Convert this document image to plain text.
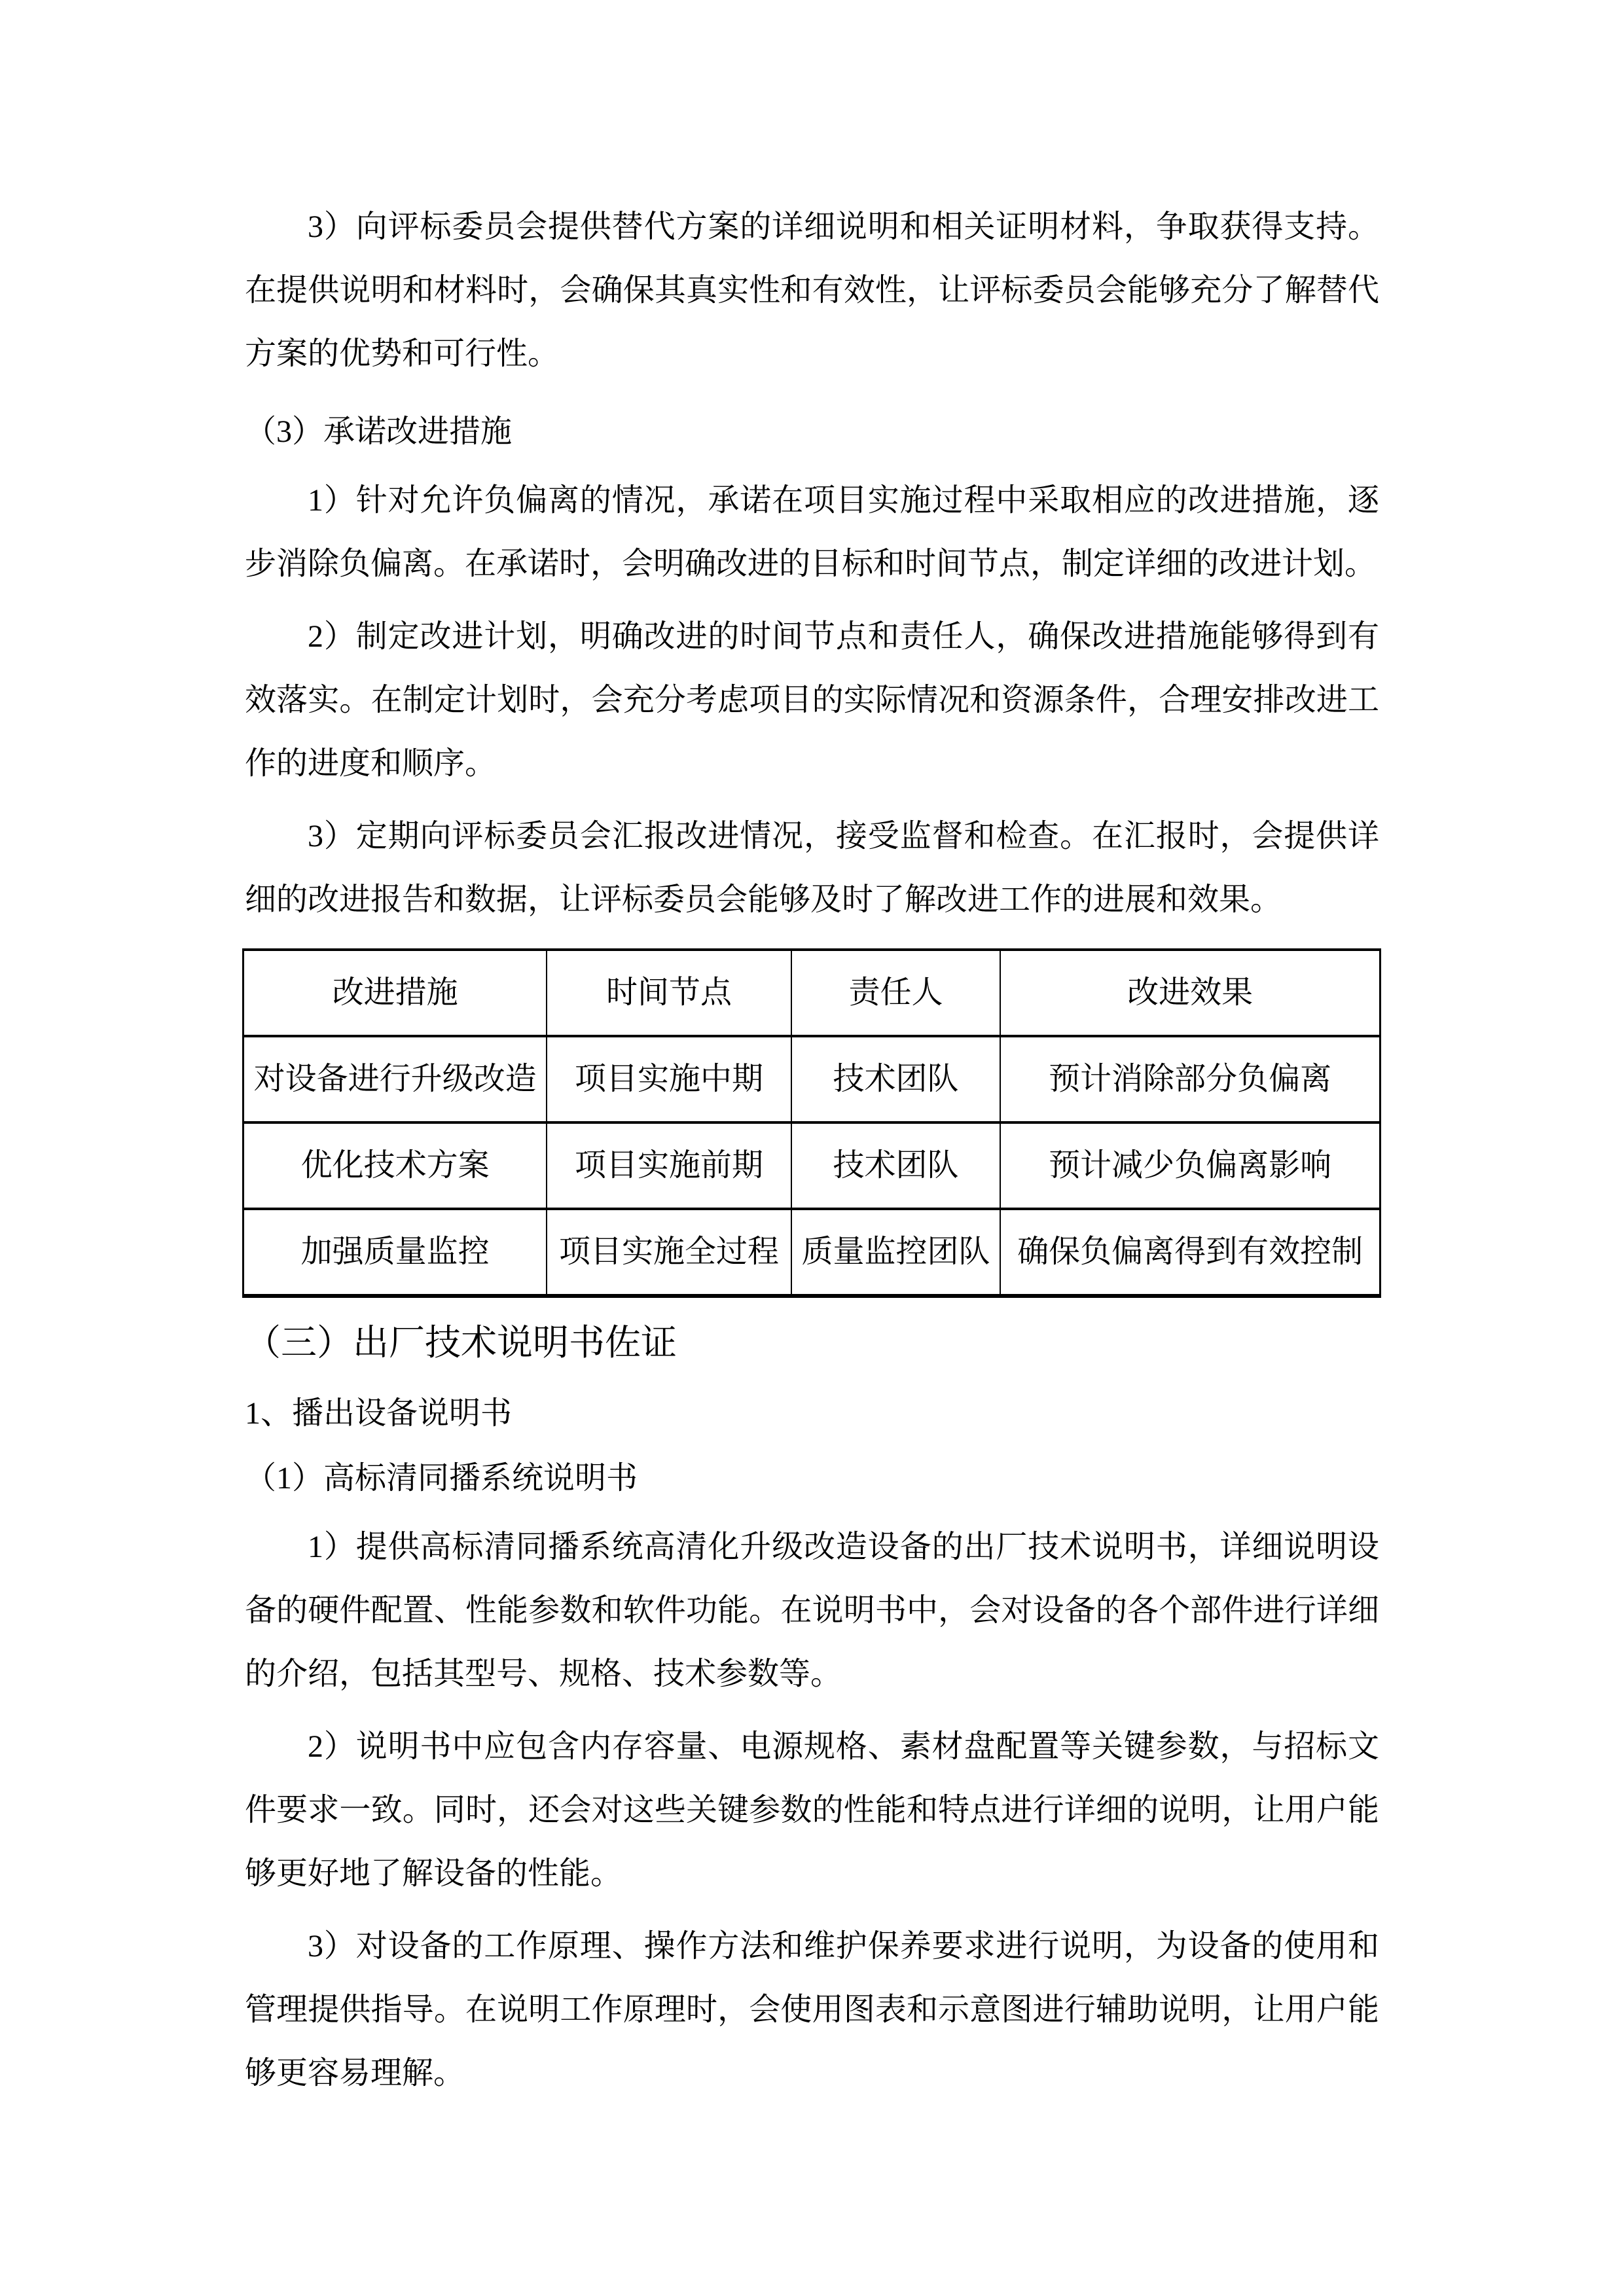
3）向评标委员会提供替代方案的详细说明和相关证明材料，争取获得支持。在提供说明和材料时，会确保其真实性和有效性，让评标委员会能够充分了解替代方案的优势和可行性。

（3）承诺改进措施

1）针对允许负偏离的情况，承诺在项目实施过程中采取相应的改进措施，逐步消除负偏离。在承诺时，会明确改进的目标和时间节点，制定详细的改进计划。

2）制定改进计划，明确改进的时间节点和责任人，确保改进措施能够得到有效落实。在制定计划时，会充分考虑项目的实际情况和资源条件，合理安排改进工作的进度和顺序。

3）定期向评标委员会汇报改进情况，接受监督和检查。在汇报时，会提供详细的改进报告和数据，让评标委员会能够及时了解改进工作的进展和效果。

改进措施	时间节点	责任人	改进效果
对设备进行升级改造	项目实施中期	技术团队	预计消除部分负偏离
优化技术方案	项目实施前期	技术团队	预计减少负偏离影响
加强质量监控	项目实施全过程	质量监控团队	确保负偏离得到有效控制
（三）出厂技术说明书佐证

1、播出设备说明书

（1）高标清同播系统说明书

1）提供高标清同播系统高清化升级改造设备的出厂技术说明书，详细说明设备的硬件配置、性能参数和软件功能。在说明书中，会对设备的各个部件进行详细的介绍，包括其型号、规格、技术参数等。

2）说明书中应包含内存容量、电源规格、素材盘配置等关键参数，与招标文件要求一致。同时，还会对这些关键参数的性能和特点进行详细的说明，让用户能够更好地了解设备的性能。

3）对设备的工作原理、操作方法和维护保养要求进行说明，为设备的使用和管理提供指导。在说明工作原理时，会使用图表和示意图进行辅助说明，让用户能够更容易理解。
